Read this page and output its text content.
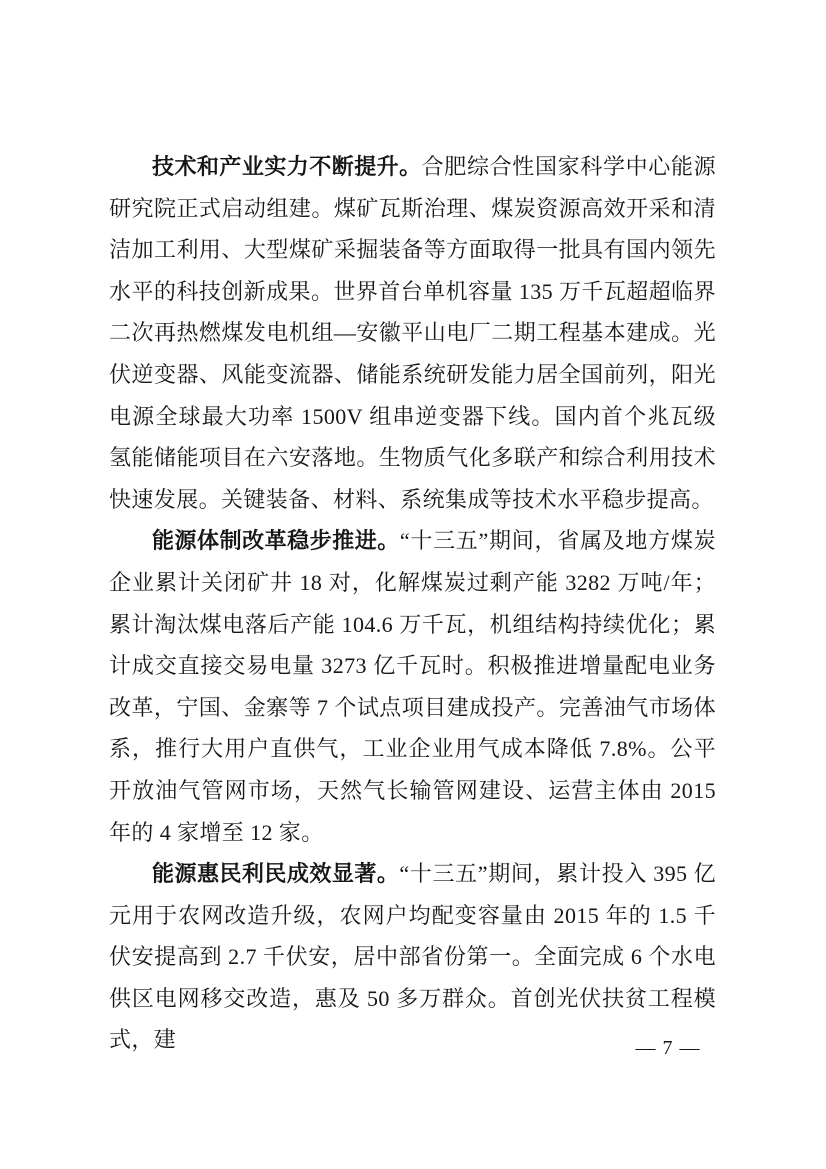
技术和产业实力不断提升。合肥综合性国家科学中心能源研究院正式启动组建。煤矿瓦斯治理、煤炭资源高效开采和清洁加工利用、大型煤矿采掘装备等方面取得一批具有国内领先水平的科技创新成果。世界首台单机容量 135 万千瓦超超临界二次再热燃煤发电机组—安徽平山电厂二期工程基本建成。光伏逆变器、风能变流器、储能系统研发能力居全国前列，阳光电源全球最大功率 1500V 组串逆变器下线。国内首个兆瓦级氢能储能项目在六安落地。生物质气化多联产和综合利用技术快速发展。关键装备、材料、系统集成等技术水平稳步提高。

能源体制改革稳步推进。“十三五”期间，省属及地方煤炭企业累计关闭矿井 18 对，化解煤炭过剩产能 3282 万吨/年；累计淘汰煤电落后产能 104.6 万千瓦，机组结构持续优化；累计成交直接交易电量 3273 亿千瓦时。积极推进增量配电业务改革，宁国、金寨等 7 个试点项目建成投产。完善油气市场体系，推行大用户直供气，工业企业用气成本降低 7.8%。公平开放油气管网市场，天然气长输管网建设、运营主体由 2015 年的 4 家增至 12 家。

能源惠民利民成效显著。“十三五”期间，累计投入 395 亿元用于农网改造升级，农网户均配变容量由 2015 年的 1.5 千伏安提高到 2.7 千伏安，居中部省份第一。全面完成 6 个水电供区电网移交改造，惠及 50 多万群众。首创光伏扶贫工程模式，建	— 7 —
